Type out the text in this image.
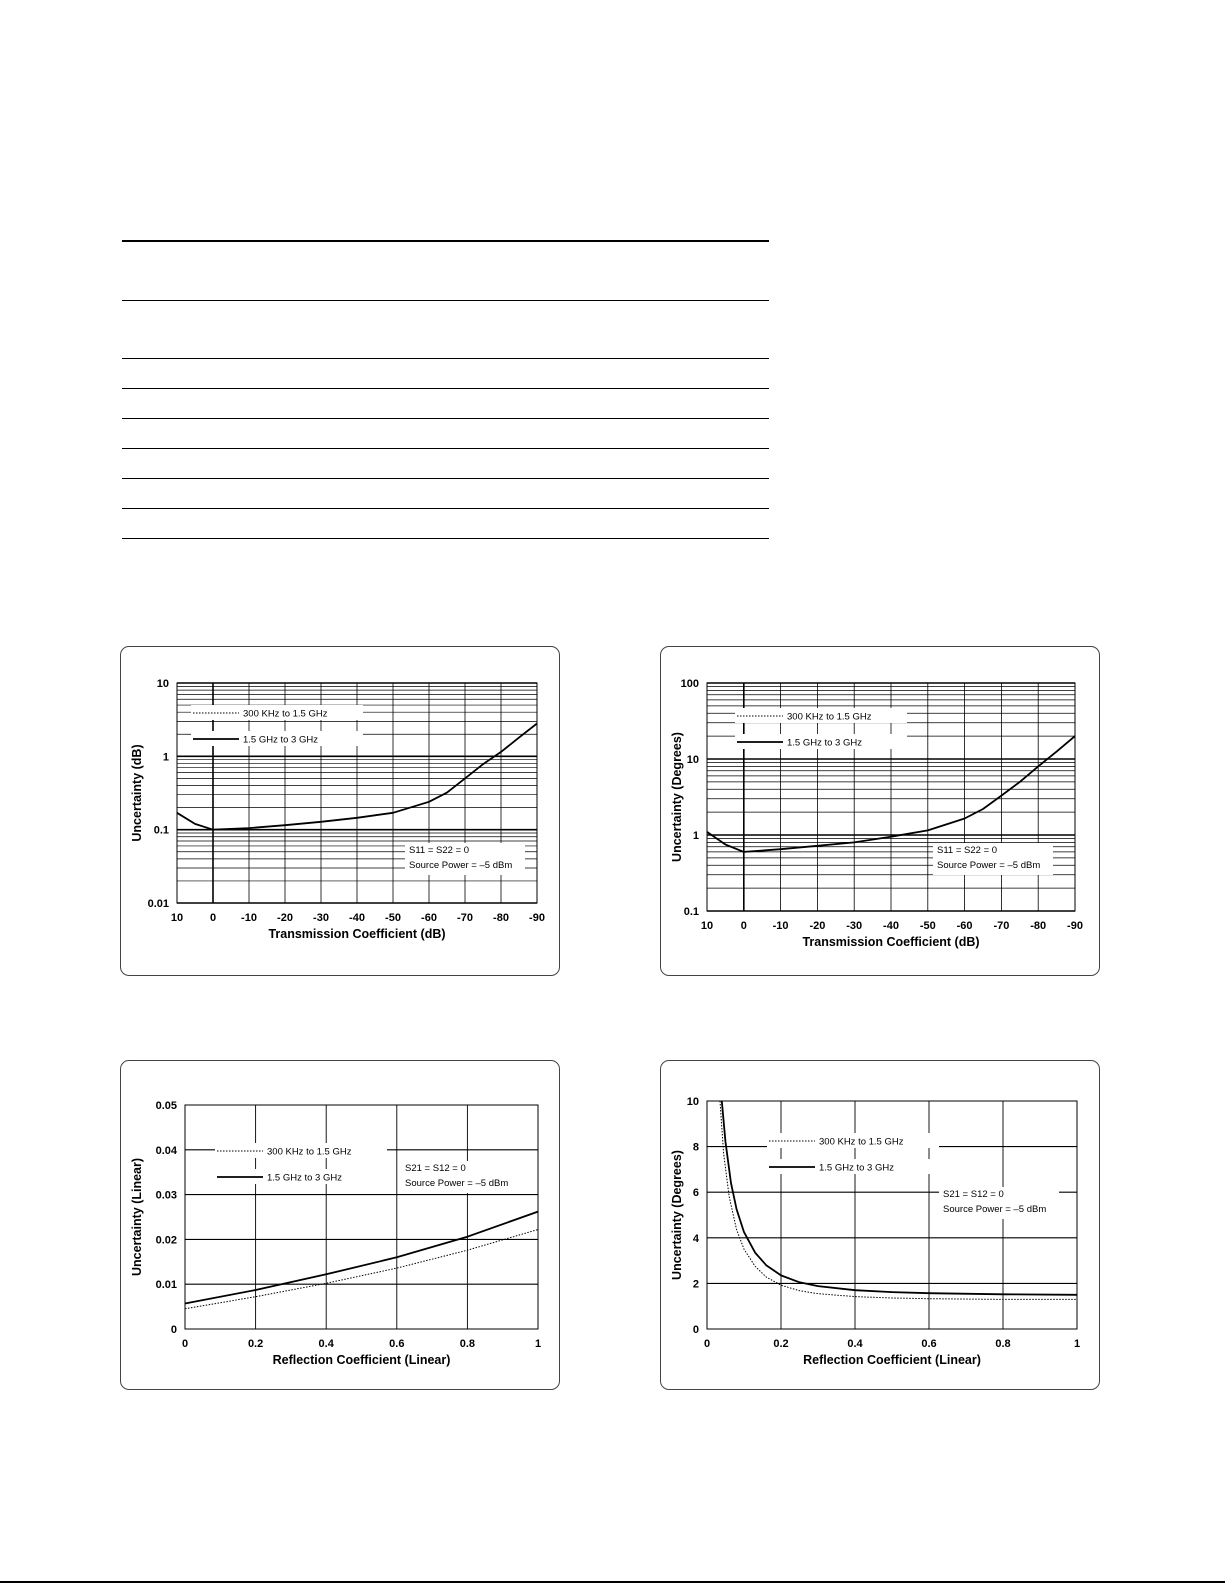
10
1
0.1
0.01
10 0 -10 -20 -30 -40 -50 -60 -70 -80 -90
Transmission Coefficient (dB)
Uncertainty (dB)
300 KHz to 1.5 GHz
1.5 GHz to 3 GHz
S11 = S22 = 0
Source Power = –5 dBm
100
10
1
0.1
10	0 -10 -20 -30 -40 -50 -60 -70 -80 -90
Transmission Coefficient (dB)
Uncertainty (Degrees)
300 KHz to 1.5 GHz
1.5 GHz to 3 GHz
S11 = S22 = 0
Source Power = –5 dBm
0.05
0.04
0.03
0.02
0.01
0
0	0.2	0.4	0.6	0.8	1
Reflection Coefficient (Linear)
Uncertainty (Linear)
300 KHz to 1.5 GHz
1.5 GHz to 3 GHz
S21 = S12 = 0
Source Power = –5 dBm
10
8
6
4
2
0
0	0.2	0.4	0.6	0.8	1
Reflection Coefficient (Linear)
Uncertainty (Degrees)
300 KHz to 1.5 GHz
1.5 GHz to 3 GHz
S21 = S12 = 0
Source Power = –5 dBm
